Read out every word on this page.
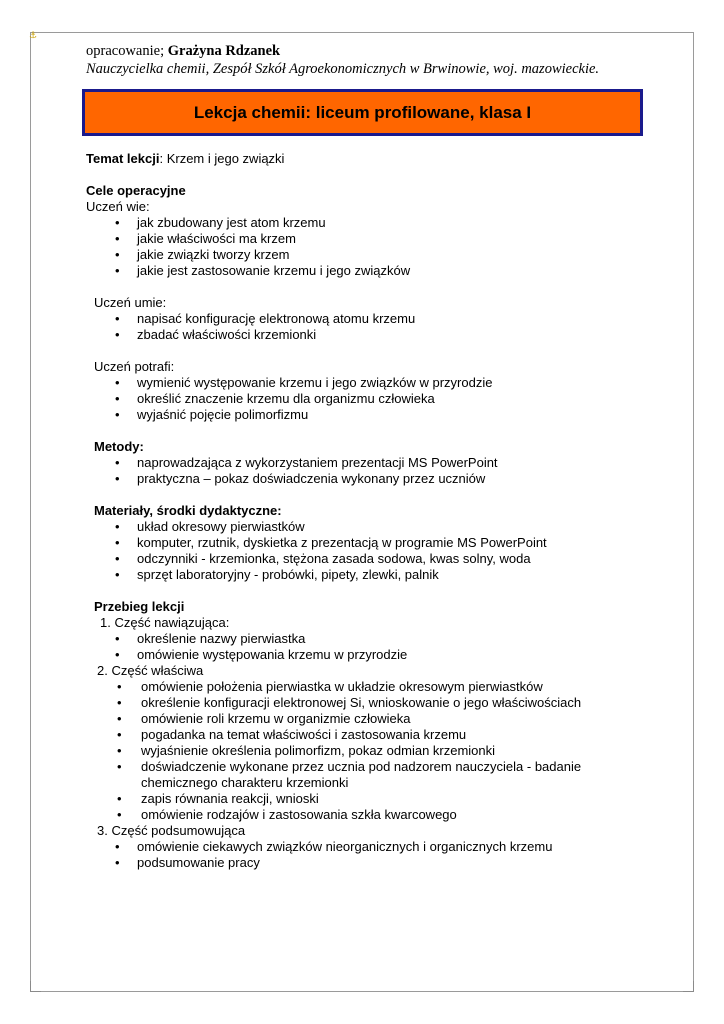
⚓
opracowanie; Grażyna Rdzanek
Nauczycielka chemii, Zespół Szkół Agroekonomicznych w Brwinowie, woj. mazowieckie.
Lekcja chemii: liceum profilowane, klasa I
Temat lekcji: Krzem i jego związki
Cele operacyjne
Uczeń wie:
• jak zbudowany jest atom krzemu
• jakie właściwości ma krzem
• jakie związki tworzy krzem
• jakie jest zastosowanie krzemu i jego związków
Uczeń umie:
• napisać konfigurację elektronową atomu krzemu
• zbadać właściwości krzemionki
Uczeń potrafi:
• wymienić występowanie krzemu i jego związków w przyrodzie
• określić znaczenie krzemu dla organizmu człowieka
• wyjaśnić pojęcie polimorfizmu
Metody:
• naprowadzająca z wykorzystaniem prezentacji MS PowerPoint
• praktyczna – pokaz doświadczenia wykonany przez uczniów
Materiały, środki dydaktyczne:
• układ okresowy pierwiastków
• komputer, rzutnik, dyskietka z prezentacją w programie MS PowerPoint
• odczynniki - krzemionka, stężona zasada sodowa, kwas solny, woda
• sprzęt laboratoryjny - probówki, pipety, zlewki, palnik
Przebieg lekcji
1. Część nawiązująca:
• określenie nazwy pierwiastka
• omówienie występowania krzemu w przyrodzie
2. Część właściwa
• omówienie położenia pierwiastka w układzie okresowym pierwiastków
• określenie konfiguracji elektronowej Si, wnioskowanie o jego właściwościach
• omówienie roli krzemu w organizmie człowieka
• pogadanka na temat właściwości i zastosowania krzemu
• wyjaśnienie określenia polimorfizm, pokaz odmian krzemionki
• doświadczenie wykonane przez ucznia pod nadzorem nauczyciela - badanie chemicznego charakteru krzemionki
• zapis równania reakcji, wnioski
• omówienie rodzajów i zastosowania szkła kwarcowego
3. Część podsumowująca
• omówienie ciekawych związków nieorganicznych i organicznych krzemu
• podsumowanie pracy
